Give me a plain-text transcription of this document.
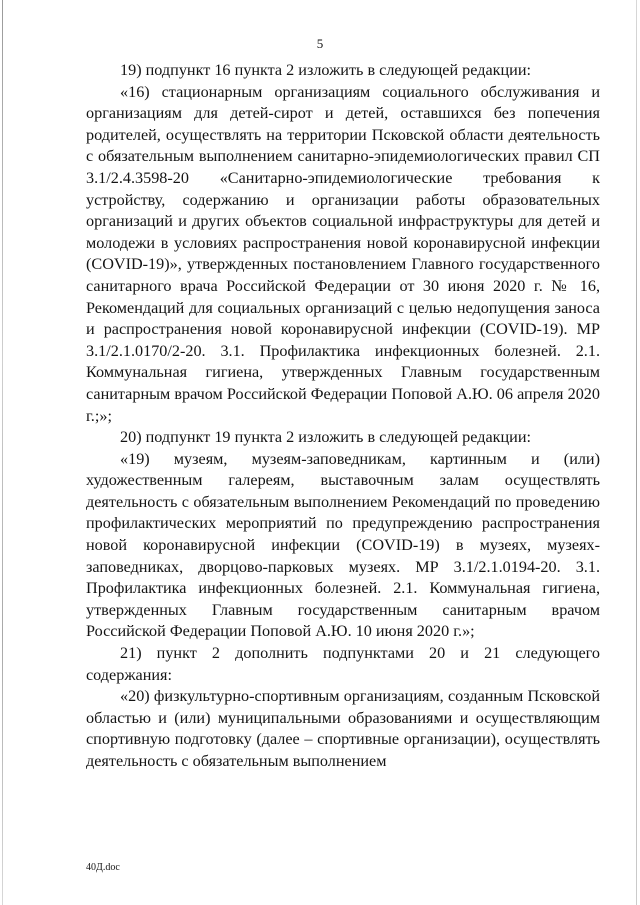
5

19) подпункт 16 пункта 2 изложить в следующей редакции:

«16) стационарным организациям социального обслуживания и организациям для детей-сирот и детей, оставшихся без попечения родителей, осуществлять на территории Псковской области деятельность с обязательным выполнением санитарно-эпидемиологических правил СП 3.1/2.4.3598-20 «Санитарно-эпидемиологические требования к устройству, содержанию и организации работы образовательных организаций и других объектов социальной инфраструктуры для детей и молодежи в условиях распространения новой коронавирусной инфекции (COVID-19)», утвержденных постановлением Главного государственного санитарного врача Российской Федерации от 30 июня 2020 г. № 16, Рекомендаций для социальных организаций с целью недопущения заноса и распространения новой коронавирусной инфекции (COVID-19). МР 3.1/2.1.0170/2-20. 3.1. Профилактика инфекционных болезней. 2.1. Коммунальная гигиена, утвержденных Главным государственным санитарным врачом Российской Федерации Поповой А.Ю. 06 апреля 2020 г.;»;

20) подпункт 19 пункта 2 изложить в следующей редакции:

«19) музеям, музеям-заповедникам, картинным и (или) художественным галереям, выставочным залам осуществлять деятельность с обязательным выполнением Рекомендаций по проведению профилактических мероприятий по предупреждению распространения новой коронавирусной инфекции (COVID-19) в музеях, музеях-заповедниках, дворцово-парковых музеях. МР 3.1/2.1.0194-20. 3.1. Профилактика инфекционных болезней. 2.1. Коммунальная гигиена, утвержденных Главным государственным санитарным врачом Российской Федерации Поповой А.Ю. 10 июня 2020 г.»;

21) пункт 2 дополнить подпунктами 20 и 21 следующего содержания:

«20) физкультурно-спортивным организациям, созданным Псковской областью и (или) муниципальными образованиями и осуществляющим спортивную подготовку (далее – спортивные организации), осуществлять деятельность с обязательным выполнением

40Д.doc
